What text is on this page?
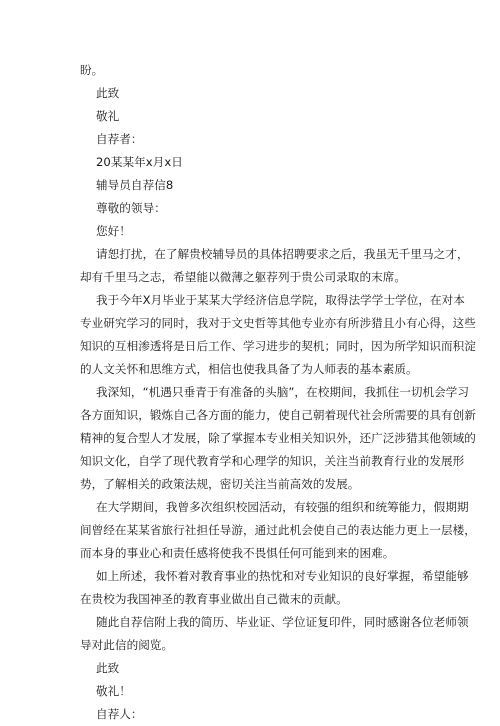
盼。
此致
敬礼
自荐者：
20某某年x月x日
辅导员自荐信8
尊敬的领导：
您好！
请恕打扰，在了解贵校辅导员的具体招聘要求之后，我虽无千里马之才，
却有千里马之志，希望能以微薄之躯荐列于贵公司录取的末席。
我于今年X月毕业于某某大学经济信息学院，取得法学学士学位，在对本
专业研究学习的同时，我对于文史哲等其他专业亦有所涉猎且小有心得，这些
知识的互相渗透将是日后工作、学习进步的契机；同时，因为所学知识而积淀
的人文关怀和思维方式，相信也使我具备了为人师表的基本素质。
我深知，“机遇只垂青于有准备的头脑”，在校期间，我抓住一切机会学习
各方面知识，锻炼自己各方面的能力，使自己朝着现代社会所需要的具有创新
精神的复合型人才发展，除了掌握本专业相关知识外，还广泛涉猎其他领域的
知识文化，自学了现代教育学和心理学的知识，关注当前教育行业的发展形
势，了解相关的政策法规，密切关注当前高效的发展。
在大学期间，我曾多次组织校园活动，有较强的组织和统筹能力，假期期
间曾经在某某省旅行社担任导游，通过此机会使自己的表达能力更上一层楼，
而本身的事业心和责任感将使我不畏惧任何可能到来的困难。
如上所述，我怀着对教育事业的热忱和对专业知识的良好掌握，希望能够
在贵校为我国神圣的教育事业做出自己微末的贡献。
随此自荐信附上我的简历、毕业证、学位证复印件，同时感谢各位老师领
导对此信的阅览。
此致
敬礼！
自荐人：
